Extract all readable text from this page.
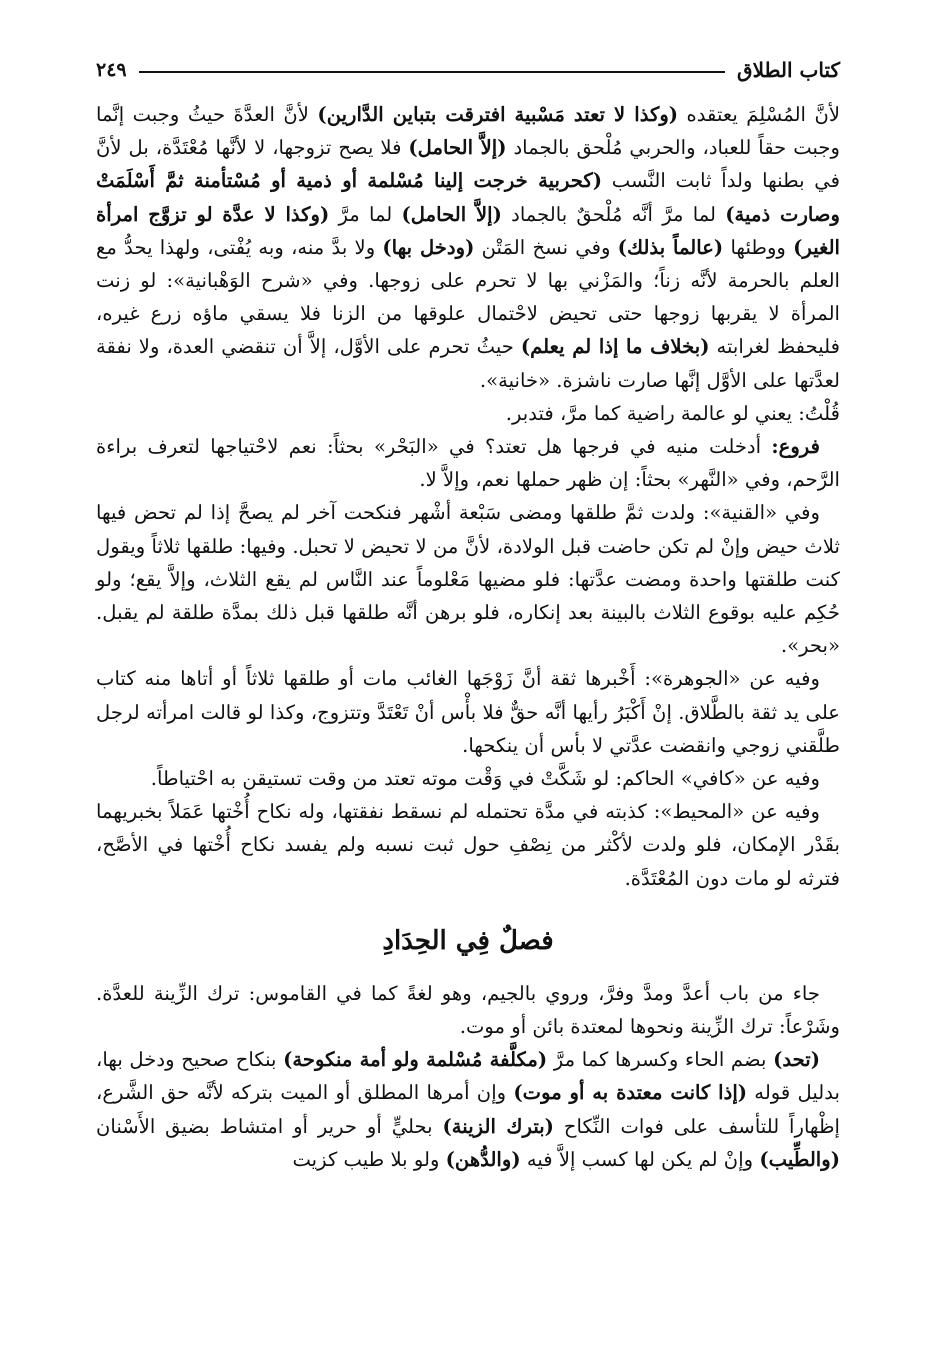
كتاب الطلاق
٢٤٩

لأنَّ المُسْلِمَ يعتقده (وكذا لا تعتد مَسْبية افترقت بتباين الدَّارين) لأنَّ العدَّةَ حيثُ وجبت إنَّما وجبت حقاً للعباد، والحربي مُلْحق بالجماد (إلاَّ الحامل) فلا يصح تزوجها، لا لأنَّها مُعْتَدَّة، بل لأنَّ في بطنها ولداً ثابت النَّسب (كحربية خرجت إلينا مُسْلمة أو ذمية أو مُسْتأمنة ثمَّ أَسْلَمَتْ وصارت ذمية) لما مرَّ أنَّه مُلْحقٌ بالجماد (إلاَّ الحامل) لما مرَّ (وكذا لا عدَّة لو تزوَّج امرأة الغير) ووطئها (عالماً بذلك) وفي نسخ المَتْن (ودخل بها) ولا بدَّ منه، وبه يُفْتى، ولهذا يحدُّ مع العلم بالحرمة لأنَّه زناً؛ والمَزْني بها لا تحرم على زوجها. وفي «شرح الوَهْبانية»: لو زنت المرأة لا يقربها زوجها حتى تحيض لاحْتمال علوقها من الزنا فلا يسقي ماؤه زرع غيره، فليحفظ لغرابته (بخلاف ما إذا لم يعلم) حيثُ تحرم على الأوَّل، إلاَّ أن تنقضي العدة، ولا نفقة لعدَّتها على الأوَّل إنَّها صارت ناشزة. «خانية».

قُلْتُ: يعني لو عالمة راضية كما مرَّ، فتدبر.

فروع: أدخلت منيه في فرجها هل تعتد؟ في «البَحْر» بحثاً: نعم لاحْتياجها لتعرف براءة الرَّحم، وفي «النَّهر» بحثاً: إن ظهر حملها نعم، وإلاَّ لا.

وفي «القنية»: ولدت ثمَّ طلقها ومضى سَبْعة أشْهر فنكحت آخر لم يصحَّ إذا لم تحض فيها ثلاث حيض وإنْ لم تكن حاضت قبل الولادة، لأنَّ من لا تحيض لا تحبل. وفيها: طلقها ثلاثاً ويقول كنت طلقتها واحدة ومضت عدَّتها: فلو مضيها مَعْلوماً عند النَّاس لم يقع الثلاث، وإلاَّ يقع؛ ولو حُكِم عليه بوقوع الثلاث بالبينة بعد إنكاره، فلو برهن أنَّه طلقها قبل ذلك بمدَّة طلقة لم يقبل. «بحر».

وفيه عن «الجوهرة»: أَخْبرها ثقة أنَّ زَوْجَها الغائب مات أو طلقها ثلاثاً أو أتاها منه كتاب على يد ثقة بالطَّلاق. إنْ أَكْبَرُ رأيها أنَّه حقٌّ فلا بأْس أنْ تَعْتَدَّ وتتزوج، وكذا لو قالت امرأته لرجل طلَّقني زوجي وانقضت عدَّتي لا بأس أن ينكحها.

وفيه عن «كافي» الحاكم: لو شَكَّتْ في وَقْت موته تعتد من وقت تستيقن به احْتياطاً.

وفيه عن «المحيط»: كذبته في مدَّة تحتمله لم نسقط نفقتها، وله نكاح أُخْتها عَمَلاً بخبريهما بقَدْر الإمكان، فلو ولدت لأكْثر من نِصْفِ حول ثبت نسبه ولم يفسد نكاح أُخْتها في الأصَّح، فترثه لو مات دون المُعْتَدَّة.

فصلٌ فِي الحِدَادِ

جاء من باب أعدَّ ومدَّ وفرَّ، وروي بالجيم، وهو لغةً كما في القاموس: ترك الزِّينة للعدَّة. وشَرْعاً: ترك الزِّينة ونحوها لمعتدة بائن أو موت.

(تحد) بضم الحاء وكسرها كما مرَّ (مكلَّفة مُسْلمة ولو أمة منكوحة) بنكاح صحيح ودخل بها، بدليل قوله (إذا كانت معتدة به أو موت) وإن أمرها المطلق أو الميت بتركه لأنَّه حق الشَّرع، إظْهاراً للتأسف على فوات النِّكاح (بترك الزينة) بحليٍّ أو حرير أو امتشاط بضيق الأَسْنان (والطِّيب) وإنْ لم يكن لها كسب إلاَّ فيه (والدُّهن) ولو بلا طيب كزيت
